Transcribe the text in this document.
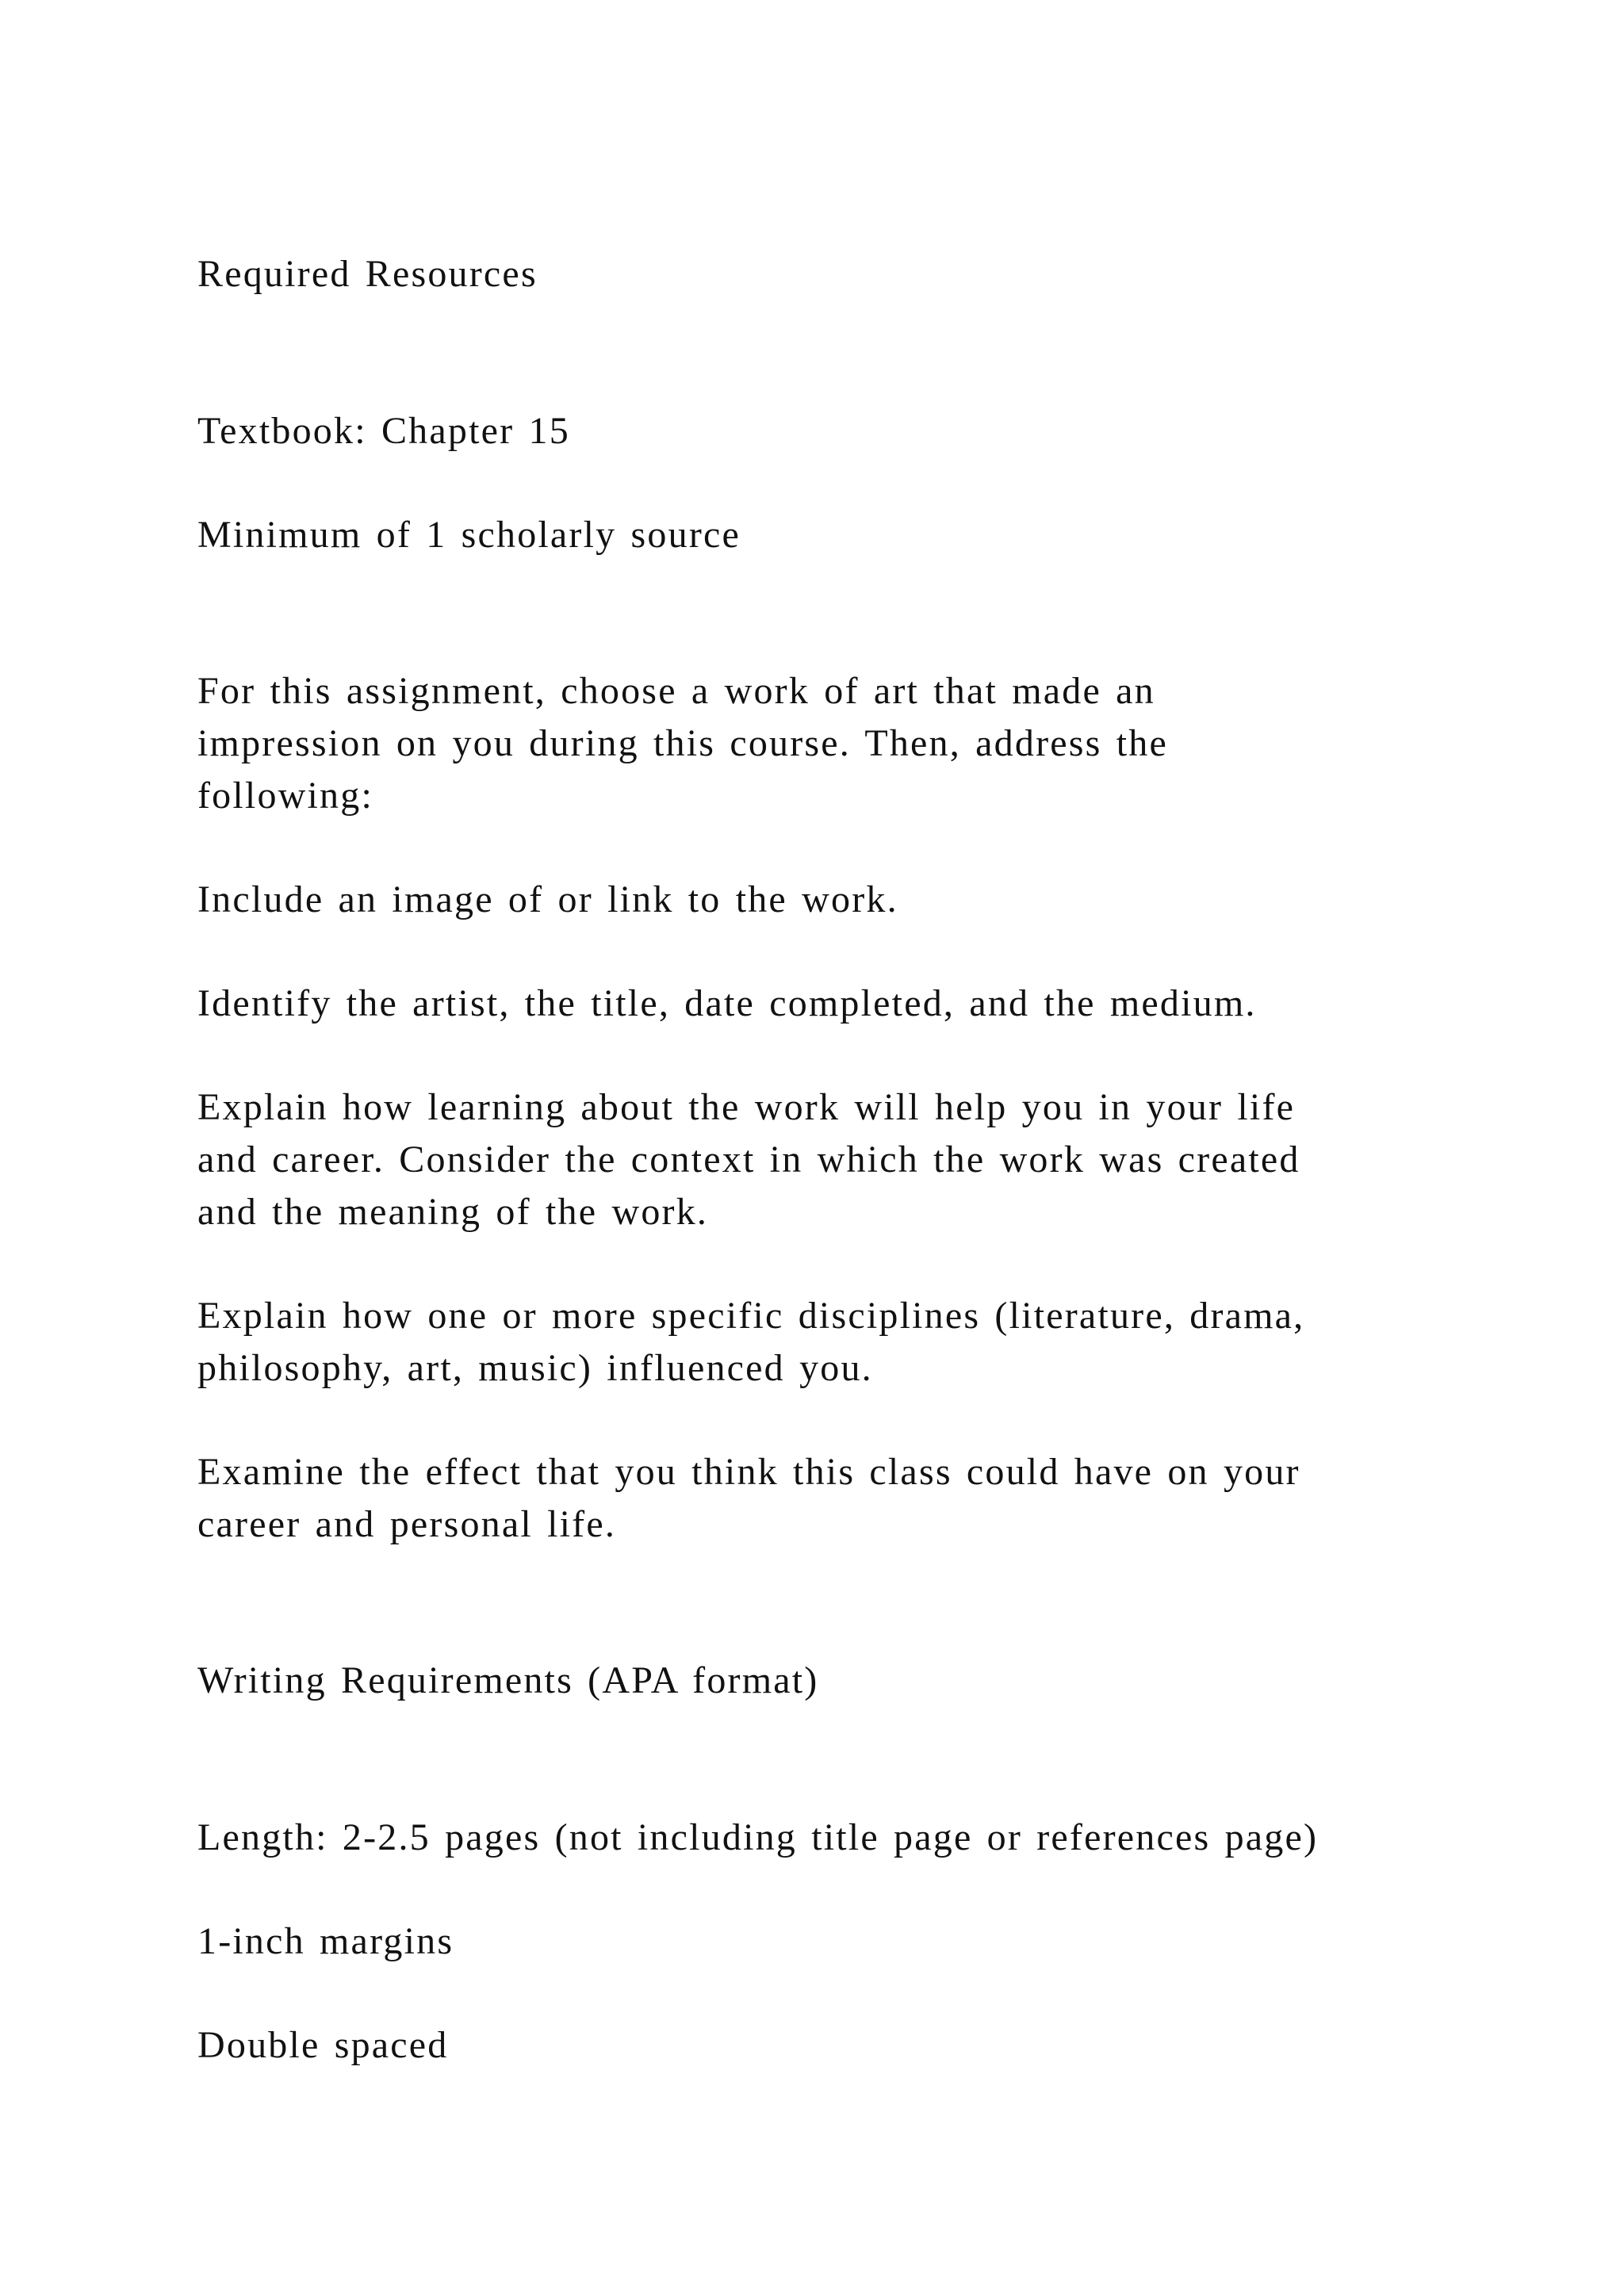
Required Resources

Textbook: Chapter 15

Minimum of 1 scholarly source

For this assignment, choose a work of art that made an

impression on you during this course. Then, address the

following:

Include an image of or link to the work.

Identify the artist, the title, date completed, and the medium.

Explain how learning about the work will help you in your life

and career. Consider the context in which the work was created

and the meaning of the work.

Explain how one or more specific disciplines (literature, drama,

philosophy, art, music) influenced you.

Examine the effect that you think this class could have on your

career and personal life.

Writing Requirements (APA format)

Length: 2-2.5 pages (not including title page or references page)

1-inch margins

Double spaced
